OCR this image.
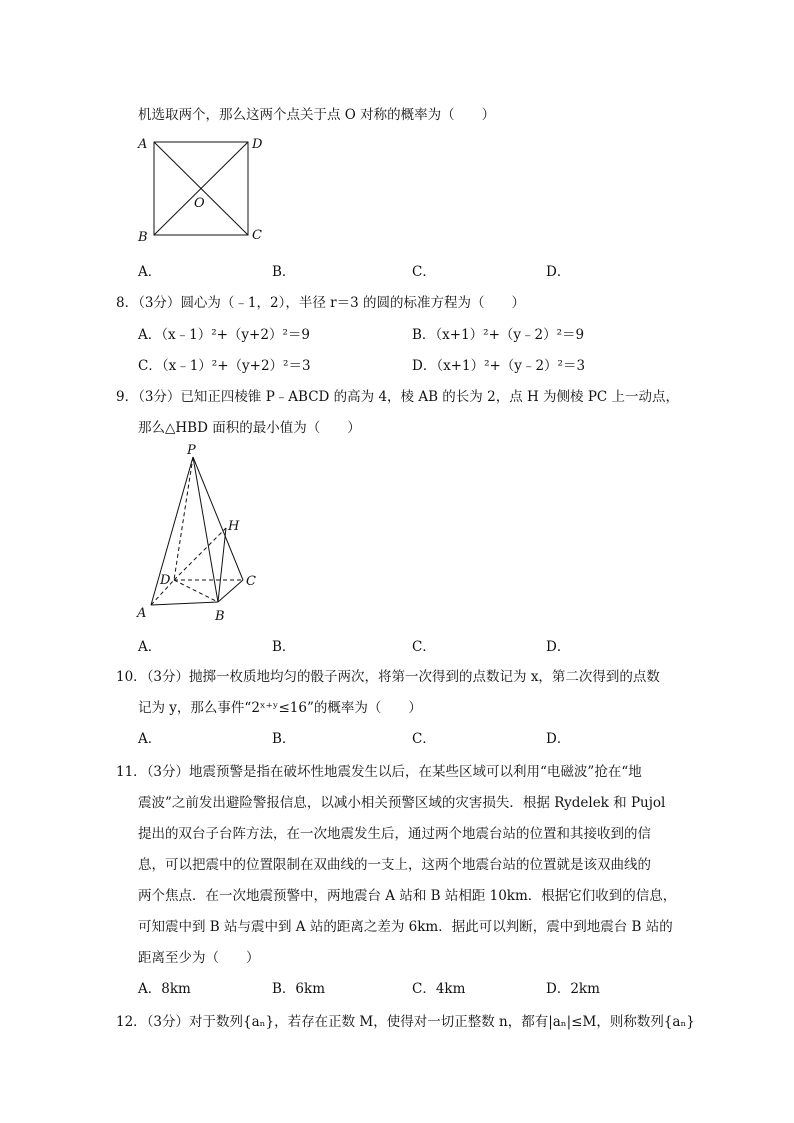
机选取两个，那么这两个点关于点 O 对称的概率为（　　）
A	D
O
B	C
A．	B．	C．	D．
8．（3分）圆心为（﹣1，2），半径 r＝3 的圆的标准方程为（　　）
A．（x﹣1）²+（y+2）²＝9	B．（x+1）²+（y﹣2）²＝9
C．（x﹣1）²+（y+2）²＝3	D．（x+1）²+（y﹣2）²＝3
9．（3分）已知正四棱锥 P﹣ABCD 的高为 4，棱 AB 的长为 2，点 H 为侧棱 PC 上一动点，
那么△HBD 面积的最小值为（　　）
P
H
D	C
A	B
A．	B．	C．	D．
10．（3分）抛掷一枚质地均匀的骰子两次，将第一次得到的点数记为 x，第二次得到的点数
记为 y，那么事件“2ˣ⁺ʸ≤16”的概率为（　　）
A．	B．	C．	D．
11．（3分）地震预警是指在破坏性地震发生以后，在某些区域可以利用“电磁波”抢在“地
震波”之前发出避险警报信息，以减小相关预警区域的灾害损失．根据 Rydelek 和 Pujol
提出的双台子台阵方法，在一次地震发生后，通过两个地震台站的位置和其接收到的信
息，可以把震中的位置限制在双曲线的一支上，这两个地震台站的位置就是该双曲线的
两个焦点．在一次地震预警中，两地震台 A 站和 B 站相距 10km．根据它们收到的信息，
可知震中到 B 站与震中到 A 站的距离之差为 6km．据此可以判断，震中到地震台 B 站的
距离至少为（　　）
A．8km	B．6km	C．4km	D．2km
12．（3分）对于数列{aₙ}，若存在正数 M，使得对一切正整数 n，都有|aₙ|≤M，则称数列{aₙ}
